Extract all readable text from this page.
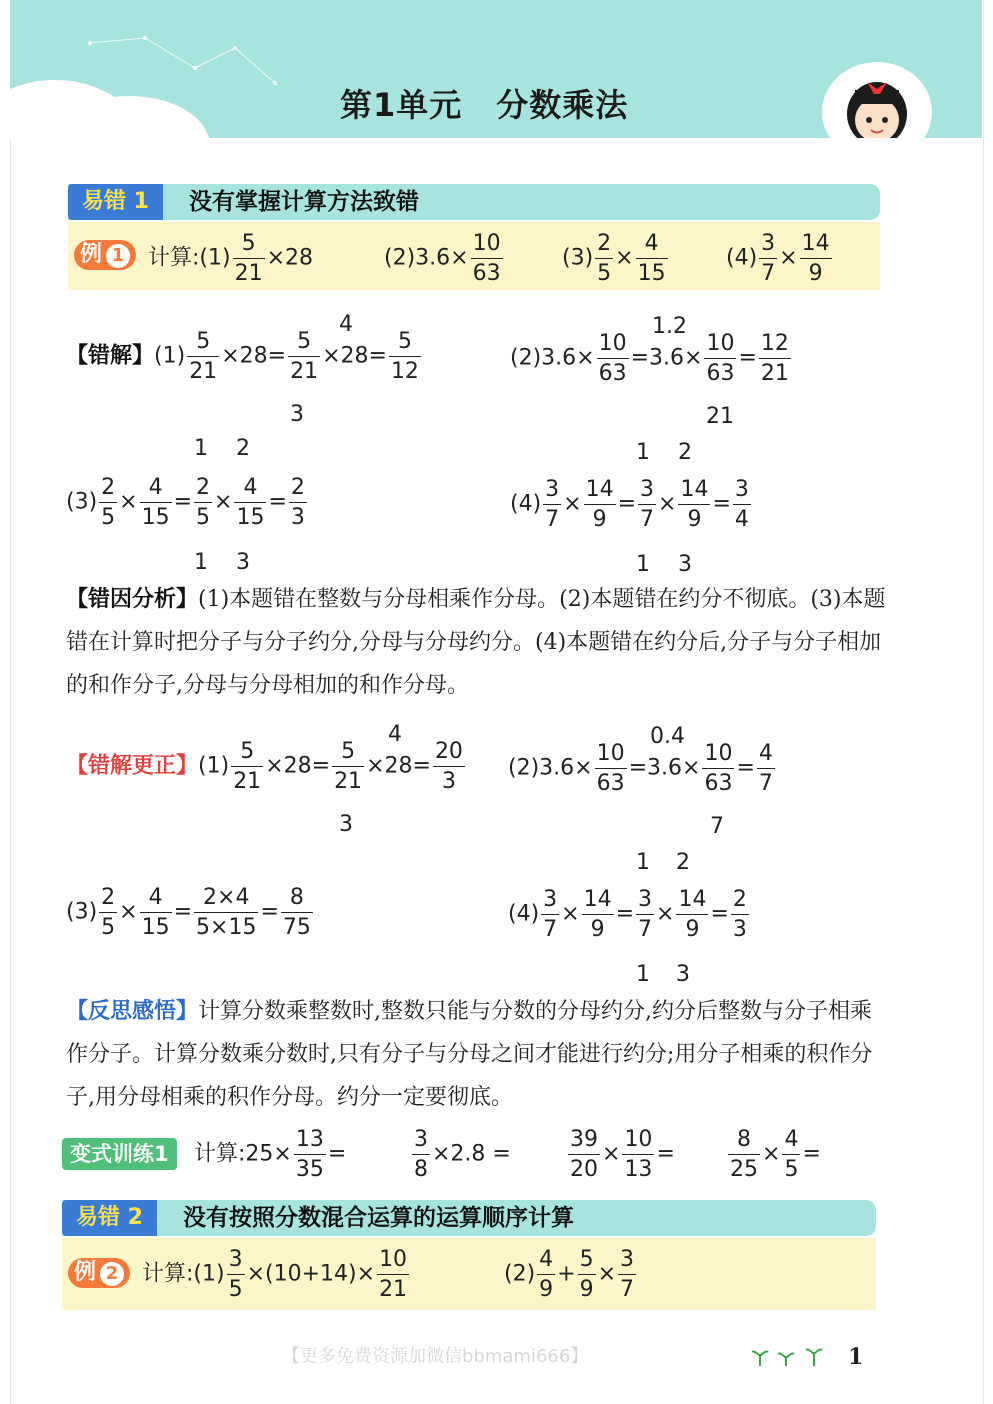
第1单元 分数乘法
易错 1	没有掌握计算方法致错
例 1	计算:(1) $\frac{5}{21} \times 28$	$(2)3.6\times \frac{10}{63}$	$(3) \frac{2}{5} \times \frac{4}{15}$	$(4) \frac{3}{7} \times \frac{14}{9}$
4
3
【错解】$(1) \frac{5}{21} \times 28= \frac{5}{21} \times 28= \frac{5}{12}$
1.2
21
$(2)3.6\times \frac{10}{63} =3.6\times \frac{10}{63} = \frac{12}{21}$
1 2
1 3
$(3) \frac{2}{5} \times \frac{4}{15} = \frac{2}{5} \times \frac{4}{15} = \frac{2}{3}$
1 2
1 3
$(4) \frac{3}{7} \times \frac{14}{9} = \frac{3}{7} \times \frac{14}{9} = \frac{3}{4}$
【错因分析】(1)本题错在整数与分母相乘作分母。(2)本题错在约分不彻底。(3)本题错在计算时把分子与分子约分,分母与分母约分。(4)本题错在约分后,分子与分子相加的和作分子,分母与分母相加的和作分母。
4
3
【错解更正】$(1) \frac{5}{21} \times 28= \frac{5}{21} \times 28= \frac{20}{3}$
0.4
7
$(2)3.6\times \frac{10}{63} =3.6\times \frac{10}{63} = \frac{4}{7}$
$(3) \frac{2}{5} \times \frac{4}{15} = \frac{2\times 4}{5\times 15} = \frac{8}{75}$
1 2
1 3
$(4) \frac{3}{7} \times \frac{14}{9} = \frac{3}{7} \times \frac{14}{9} = \frac{2}{3}$
【反思感悟】计算分数乘整数时,整数只能与分数的分母约分,约分后整数与分子相乘作分子。计算分数乘分数时,只有分子与分母之间才能进行约分;用分子相乘的积作分子,用分母相乘的积作分母。约分一定要彻底。
变式训练1	计算:25× $\frac{13}{35}$ =	$\frac{3}{8} \times 2.8$ =	$\frac{39}{20} \times \frac{10}{13} = \frac{8}{25} \times \frac{4}{5}$ =
易错 2	没有按照分数混合运算的运算顺序计算
例 2	计算:(1) $\frac{3}{5} \times(10+14)\times \frac{10}{21}$	$(2) \frac{4}{9} + \frac{5}{9} \times \frac{3}{7}$
【更多免费资源加微信bbmami666】	1
